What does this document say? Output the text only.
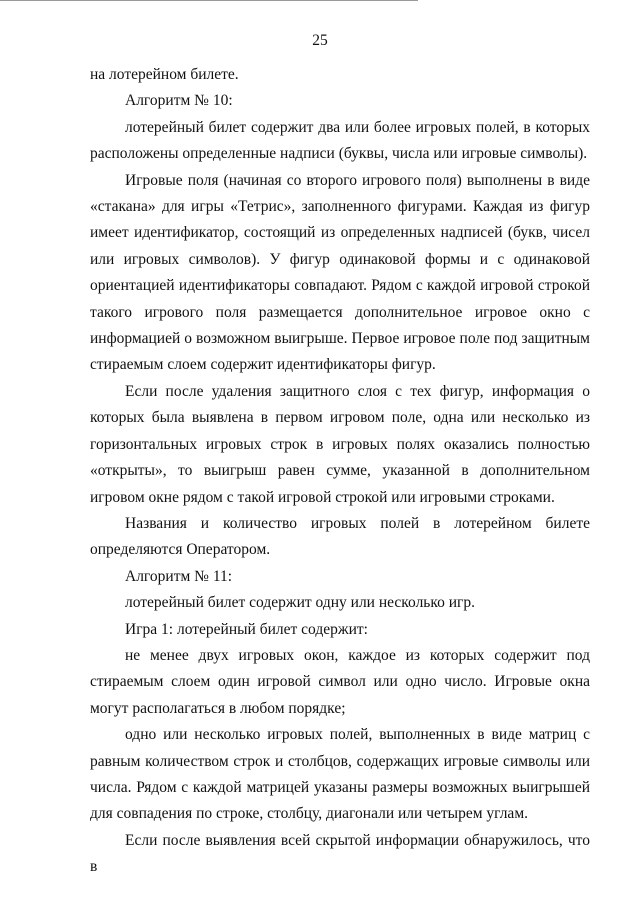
25

на лотерейном билете.

Алгоритм № 10:

лотерейный билет содержит два или более игровых полей, в которых расположены определенные надписи (буквы, числа или игровые символы).

Игровые поля (начиная со второго игрового поля) выполнены в виде «стакана» для игры «Тетрис», заполненного фигурами. Каждая из фигур имеет идентификатор, состоящий из определенных надписей (букв, чисел или игровых символов). У фигур одинаковой формы и с одинаковой ориентацией идентификаторы совпадают. Рядом с каждой игровой строкой такого игрового поля размещается дополнительное игровое окно с информацией о возможном выигрыше. Первое игровое поле под защитным стираемым слоем содержит идентификаторы фигур.

Если после удаления защитного слоя с тех фигур, информация о которых была выявлена в первом игровом поле, одна или несколько из горизонтальных игровых строк в игровых полях оказались полностью «открыты», то выигрыш равен сумме, указанной в дополнительном игровом окне рядом с такой игровой строкой или игровыми строками.

Названия и количество игровых полей в лотерейном билете определяются Оператором.

Алгоритм № 11:

лотерейный билет содержит одну или несколько игр.

Игра 1: лотерейный билет содержит:

не менее двух игровых окон, каждое из которых содержит под стираемым слоем один игровой символ или одно число. Игровые окна могут располагаться в любом порядке;

одно или несколько игровых полей, выполненных в виде матриц с равным количеством строк и столбцов, содержащих игровые символы или числа. Рядом с каждой матрицей указаны размеры возможных выигрышей для совпадения по строке, столбцу, диагонали или четырем углам.

Если после выявления всей скрытой информации обнаружилось, что в
